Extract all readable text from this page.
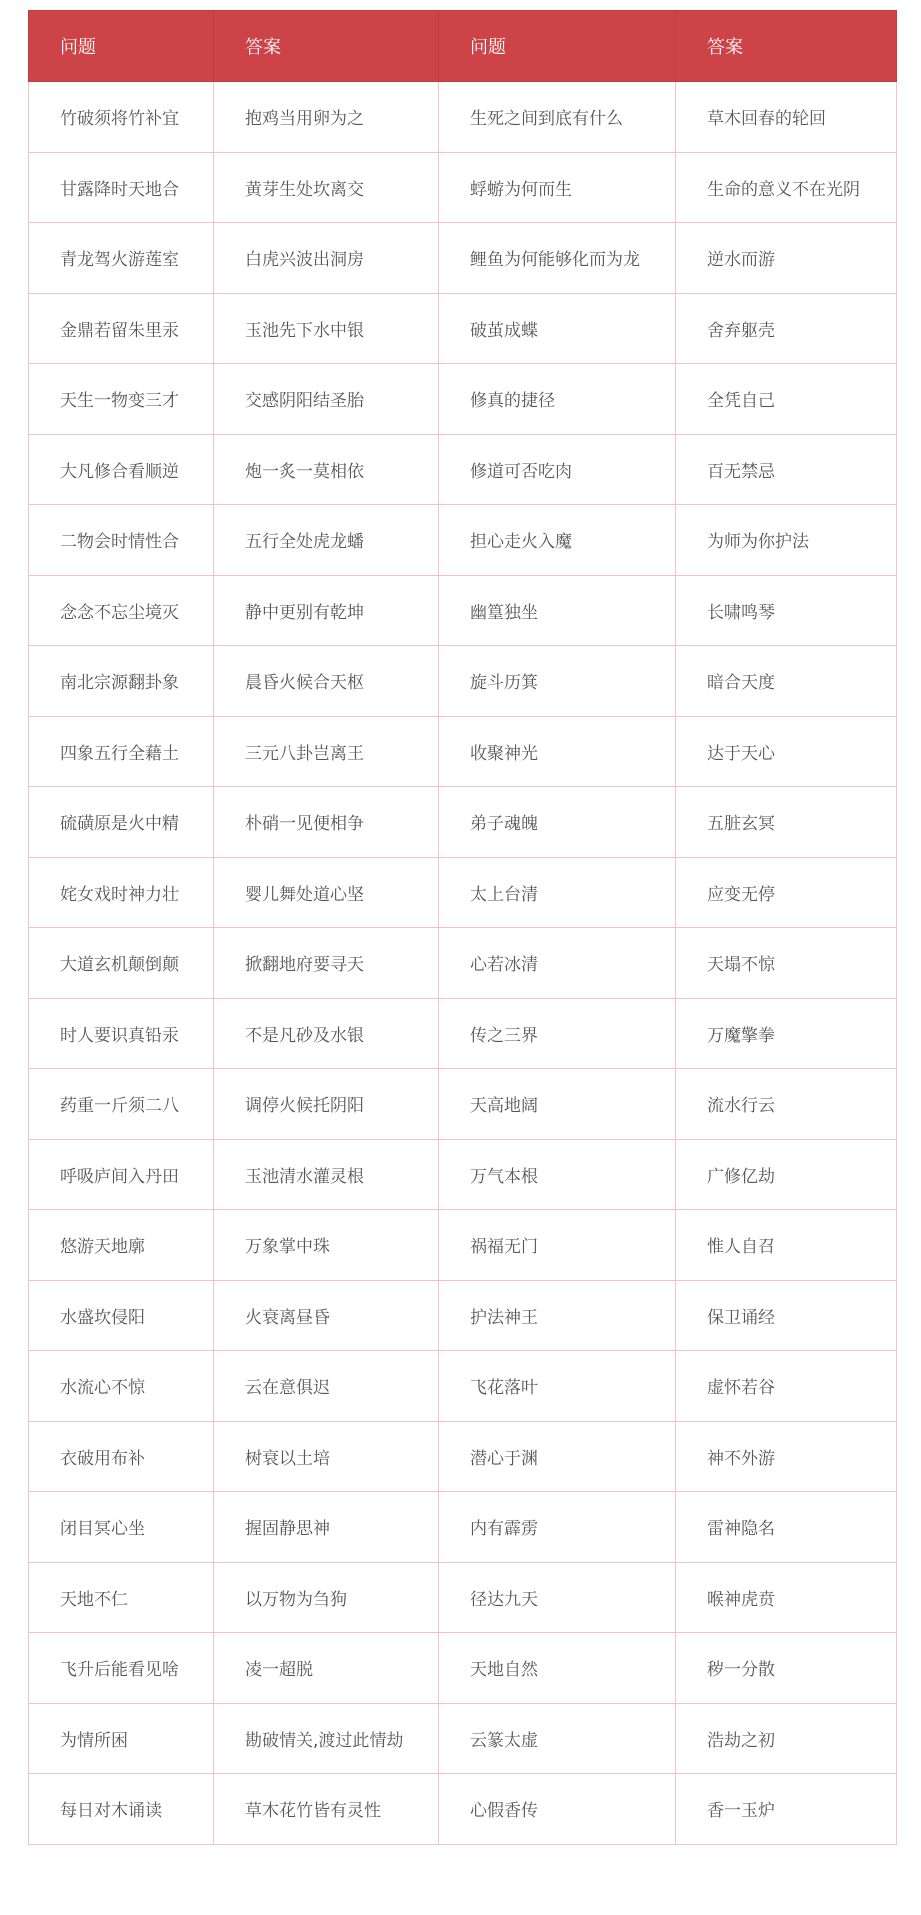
问题	答案	问题	答案
竹破须将竹补宜	抱鸡当用卵为之	生死之间到底有什么	草木回春的轮回
甘露降时天地合	黄芽生处坎离交	蜉蝣为何而生	生命的意义不在光阴
青龙驾火游莲室	白虎兴波出洞房	鲤鱼为何能够化而为龙	逆水而游
金鼎若留朱里汞	玉池先下水中银	破茧成蝶	舍弃躯壳
天生一物变三才	交感阴阳结圣胎	修真的捷径	全凭自己
大凡修合看顺逆	炮一炙一莫相依	修道可否吃肉	百无禁忌
二物会时情性合	五行全处虎龙蟠	担心走火入魔	为师为你护法
念念不忘尘境灭	静中更别有乾坤	幽篁独坐	长啸鸣琴
南北宗源翻卦象	晨昏火候合天枢	旋斗历箕	暗合天度
四象五行全藉土	三元八卦岂离王	收聚神光	达于天心
硫磺原是火中精	朴硝一见便相争	弟子魂魄	五脏玄冥
姹女戏时神力壮	婴儿舞处道心坚	太上台清	应变无停
大道玄机颠倒颠	掀翻地府要寻天	心若冰清	天塌不惊
时人要识真铅汞	不是凡砂及水银	传之三界	万魔擎拳
药重一斤须二八	调停火候托阴阳	天高地阔	流水行云
呼吸庐间入丹田	玉池清水灌灵根	万气本根	广修亿劫
悠游天地廓	万象掌中珠	祸福无门	惟人自召
水盛坎侵阳	火衰离昼昏	护法神王	保卫诵经
水流心不惊	云在意俱迟	飞花落叶	虚怀若谷
衣破用布补	树衰以土培	潜心于渊	神不外游
闭目冥心坐	握固静思神	内有霹雳	雷神隐名
天地不仁	以万物为刍狗	径达九天	喉神虎贲
飞升后能看见啥	凌一超脱	天地自然	秽一分散
为情所困	勘破情关,渡过此情劫	云篆太虚	浩劫之初
每日对木诵读	草木花竹皆有灵性	心假香传	香一玉炉
